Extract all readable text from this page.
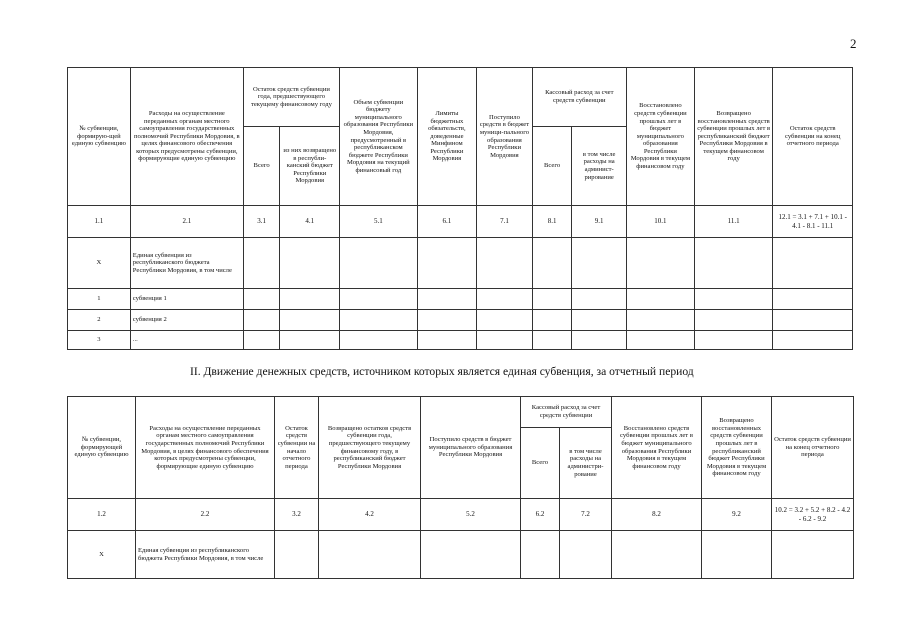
2
№ субвенции, формирую-щей единую субвенцию	Расходы на осуществление переданных органам местного самоуправления государственных полномочий Республики Мордовия, в целях финансового обеспечения которых предусмотрены субвенции, формирующие единую субвенцию	Остаток средств субвенции года, предшествующего текущему финансовому году		Объем субвенции бюджету муниципального образования Республики Мордовия, предусмотренный в республиканском бюджете Республики Мордовия на текущий финансовый год	Лимиты бюджетных обязательств, доведенные Минфином Республики Мордовия	Поступило средств в бюджет муници-пального образования Республики Мордовия	Кассовый расход за счет средств субвенции		Восстановлено средств субвенции прошлых лет в бюджет муниципального образования Республики Мордовия в текущем финансовом году	Возвращено восстановленных средств субвенции прошлых лет в республиканский бюджет Республики Мордовия в текущем финансовом году	Остаток средств субвенции на конец отчетного периода
		Всего	из них возвращено в республи-канский бюджет Республики Мордовия				Всего	в том числе расходы на админист-рирование			
1.1	2.1	3.1	4.1	5.1	6.1	7.1	8.1	9.1	10.1	11.1	12.1 = 3.1 + 7.1 + 10.1 - 4.1 - 8.1 - 11.1
X	Единая субвенция из республиканского бюджета Республики Мордовия, в том числе										
1	субвенция 1										
2	субвенция 2										
3	...										
II. Движение денежных средств, источником которых является единая субвенция, за отчетный период
№ субвенции, формирующей единую субвенцию	Расходы на осуществление переданных органам местного самоуправления государственных полномочий Республики Мордовия, в целях финансового обеспечения которых предусмотрены субвенции, формирующие единую субвенцию	Остаток средств субвенции на начало отчетного периода	Возвращено остатков средств субвенции года, предшествующего текущему финансовому году, в республиканский бюджет Республики Мордовия	Поступило средств в бюджет муниципального образования Республики Мордовия	Кассовый расход за счет средств субвенции		Восстановлено средств субвенции прошлых лет в бюджет муниципального образования Республики Мордовия в текущем финансовом году	Возвращено восстановленных средств субвенции прошлых лет в республиканский бюджет Республики Мордовия в текущем финансовом году	Остаток средств субвенции на конец отчетного периода
					Всего	в том числе расходы на администри-рование			
1.2	2.2	3.2	4.2	5.2	6.2	7.2	8.2	9.2	10.2 = 3.2 + 5.2 + 8.2 - 4.2 - 6.2 - 9.2
X	Единая субвенция из республиканского бюджета Республики Мордовия, в том числе								
